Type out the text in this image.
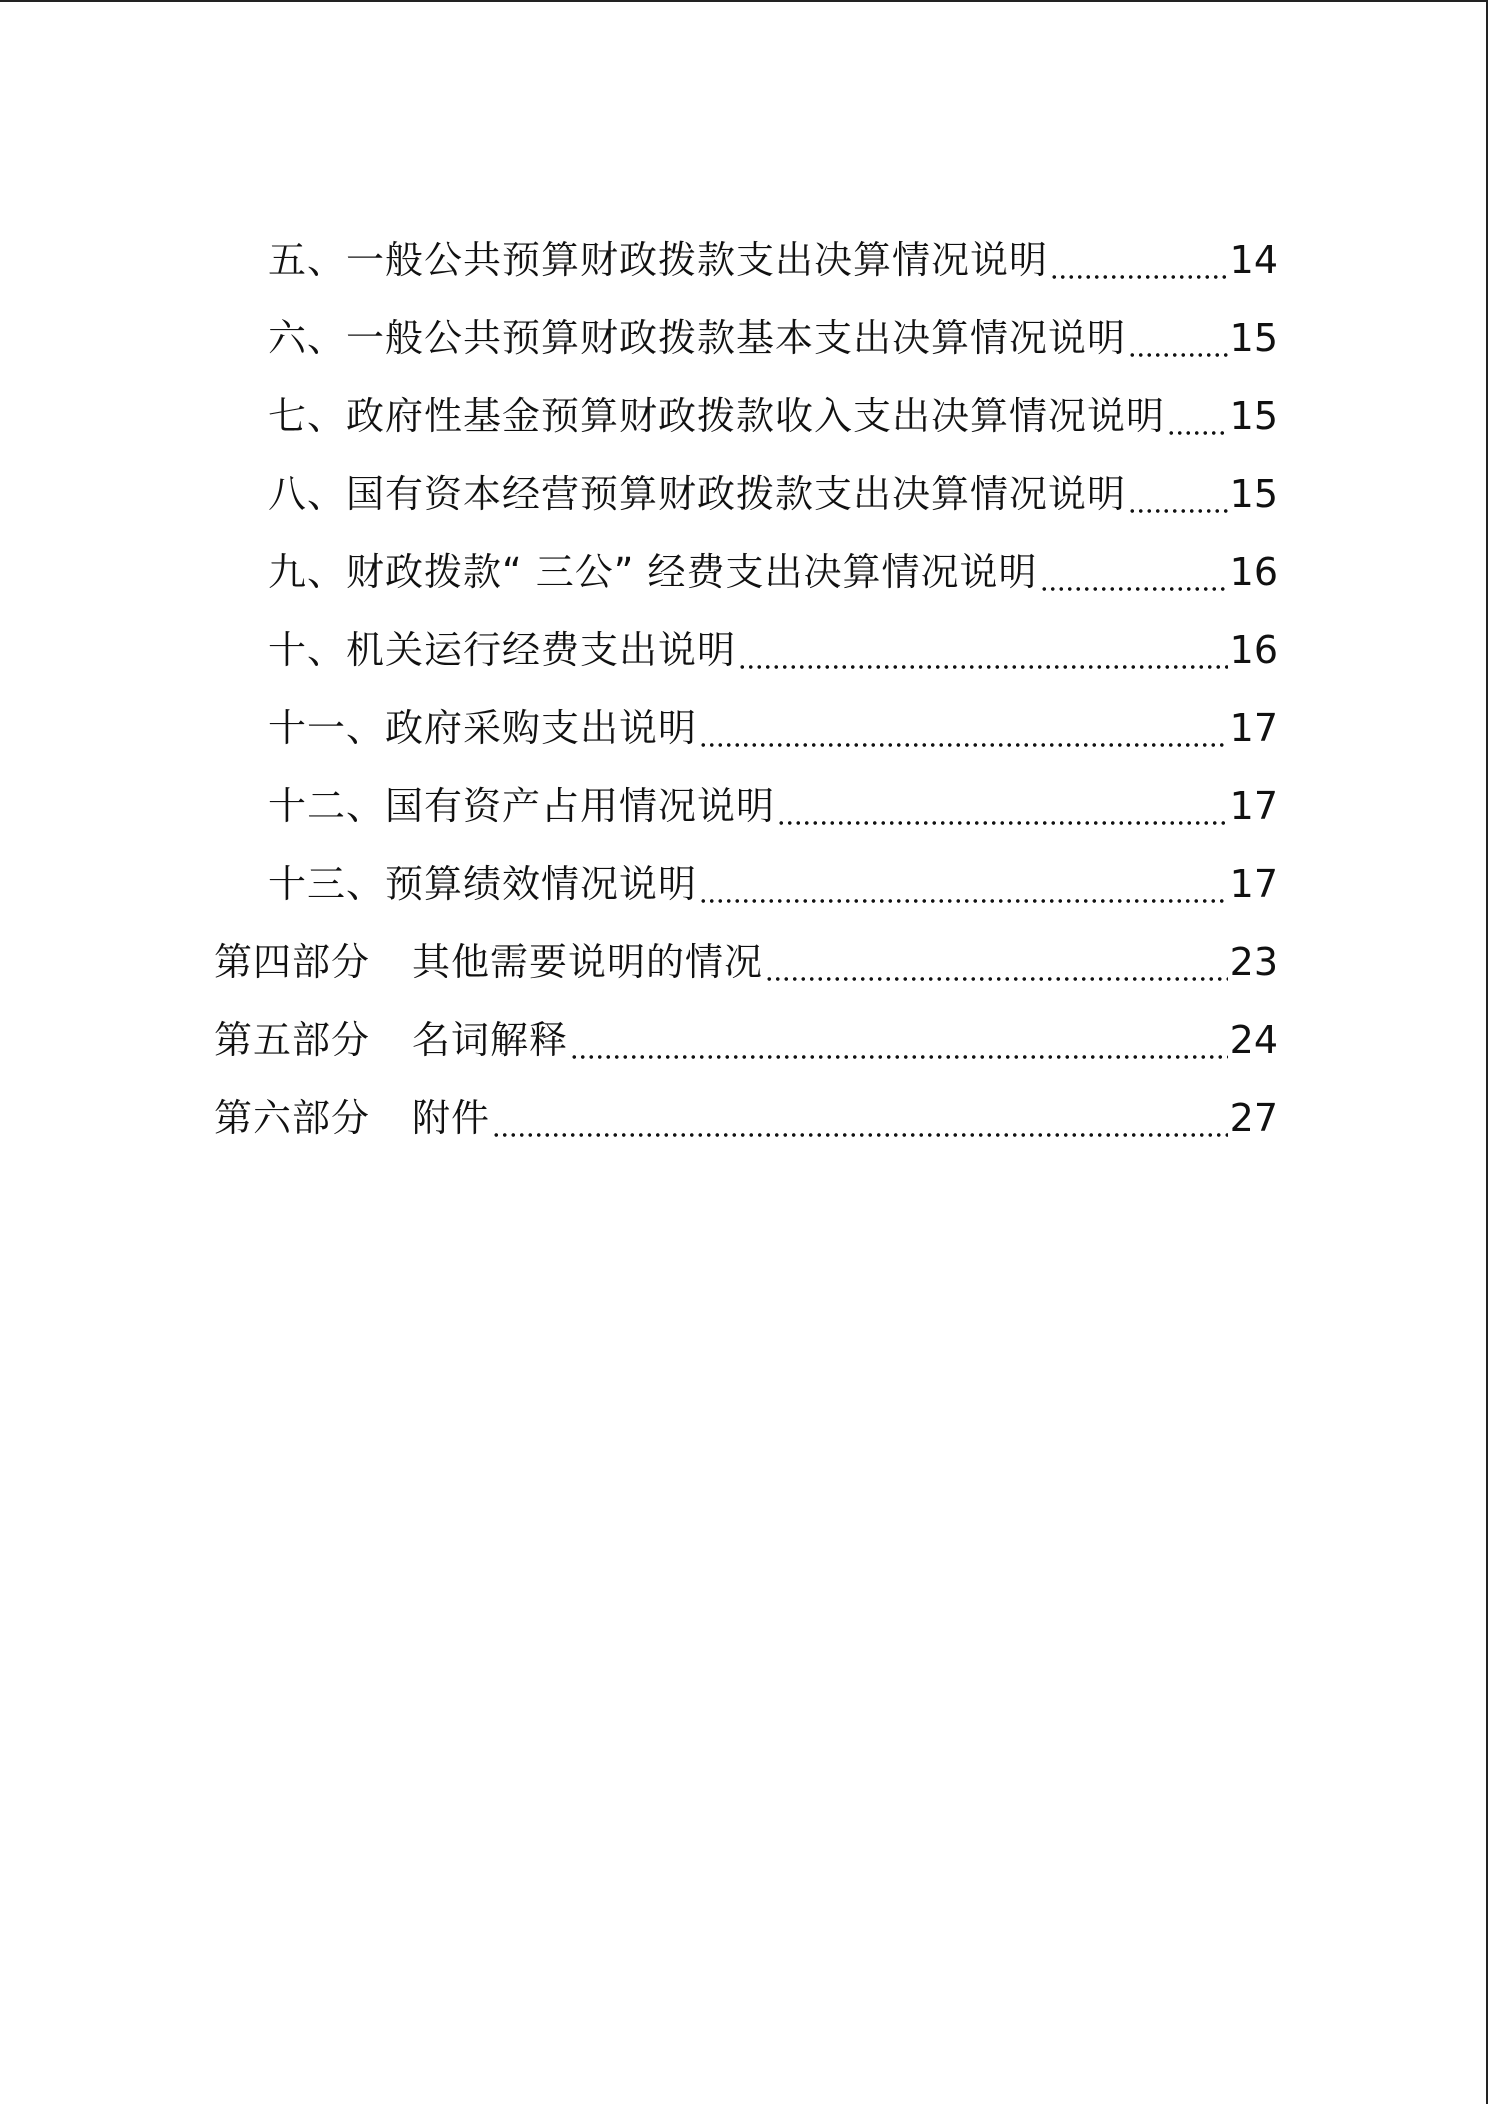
五、一般公共预算财政拨款支出决算情况说明	14
六、一般公共预算财政拨款基本支出决算情况说明	15
七、政府性基金预算财政拨款收入支出决算情况说明 15
八、国有资本经营预算财政拨款支出决算情况说明	15
九、财政拨款“ 三公” 经费支出决算情况说明	16
十、机关运行经费支出说明	16
十一、政府采购支出说明	17
十二、国有资产占用情况说明	17
十三、预算绩效情况说明	17
第四部分 其他需要说明的情况	23
第五部分 名词解释	24
第六部分 附件	27
